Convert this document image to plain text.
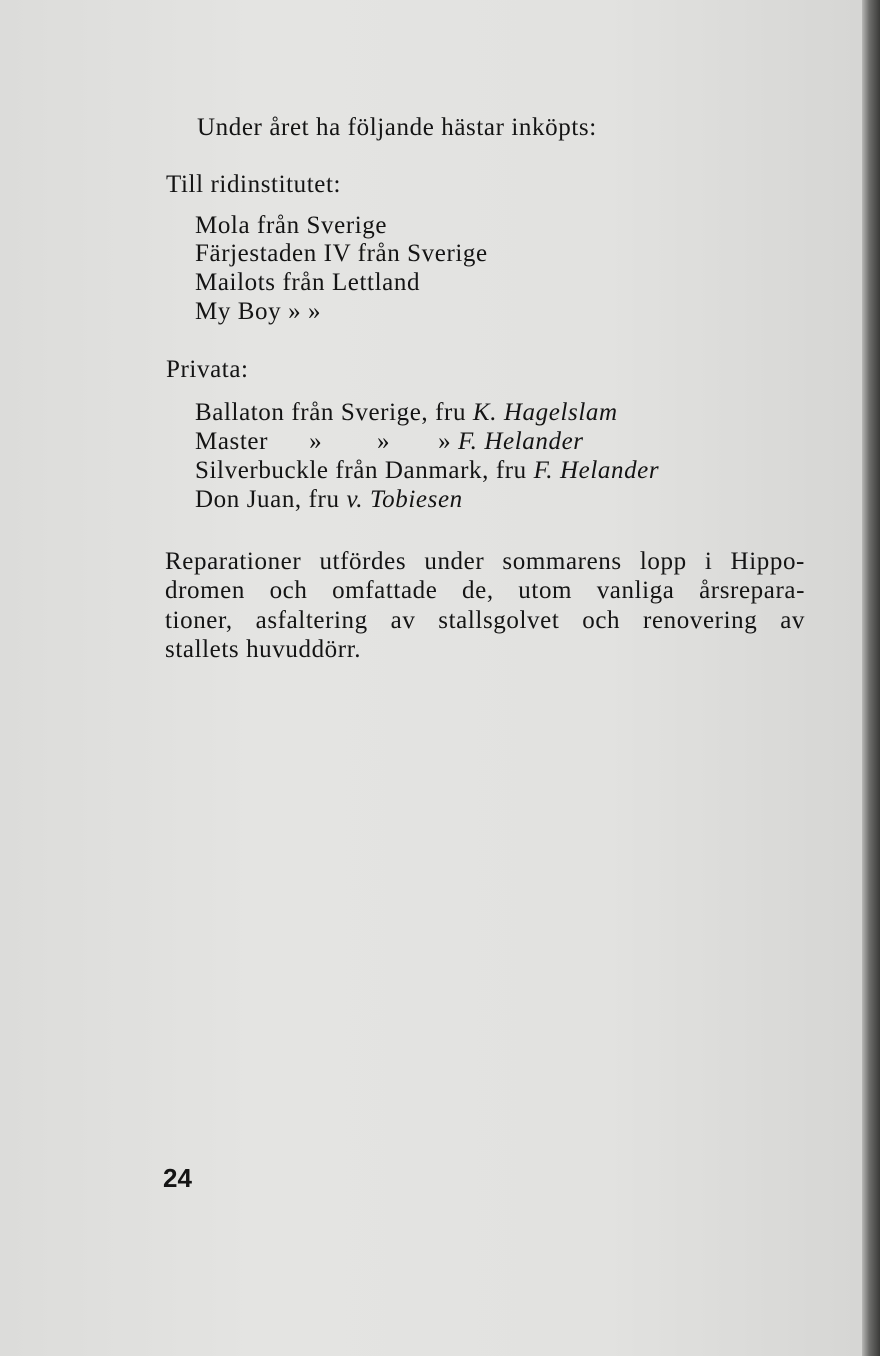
Under året ha följande hästar inköpts:
Till ridinstitutet:
Mola från Sverige
Färjestaden IV från Sverige
Mailots från Lettland
My Boy » »
Privata:
Ballaton från Sverige, fru K. Hagelslam
Master      »        »       » F. Helander
Silverbuckle från Danmark, fru F. Helander
Don Juan, fru v. Tobiesen
Reparationer utfördes under sommarens lopp i Hippo-
dromen och omfattade de, utom vanliga årsrepara-
tioner, asfaltering av stallsgolvet och renovering av
stallets huvuddörr.
24
